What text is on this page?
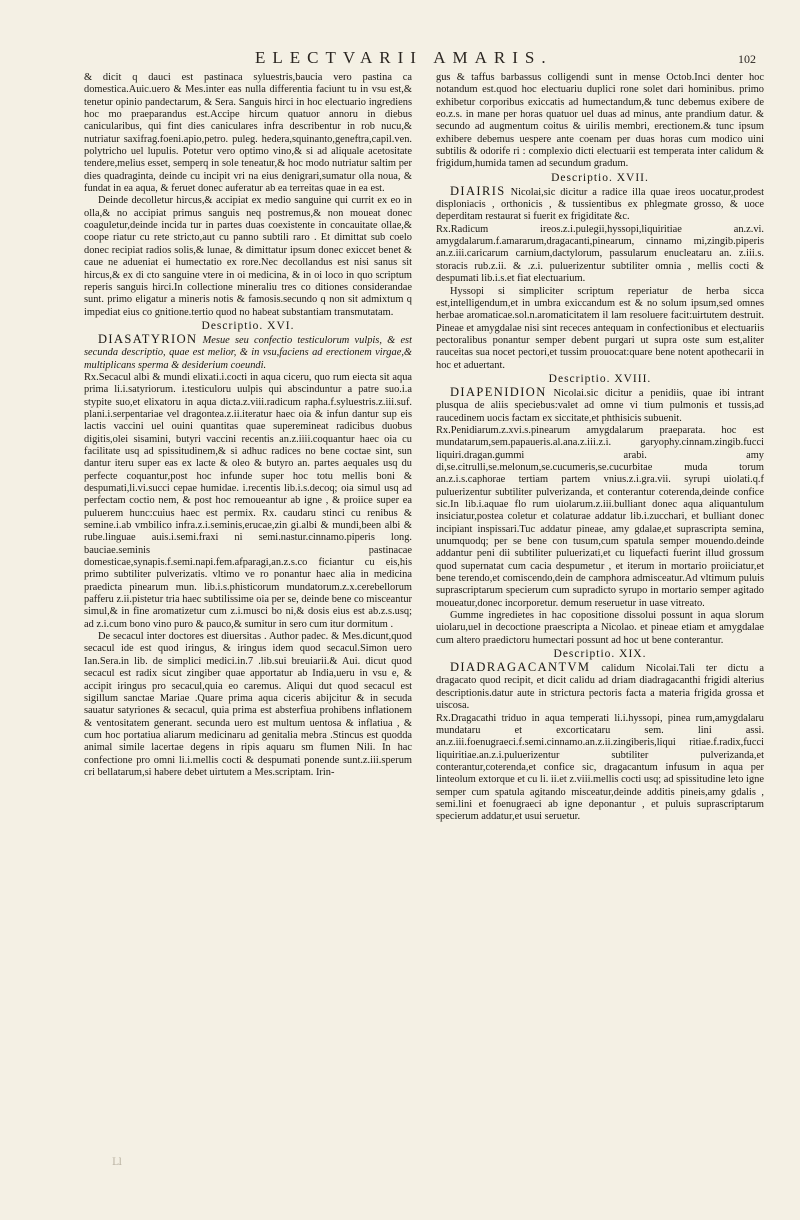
ELECTVARII AMARIS.	102

& dicit q dauci est pastinaca syluestris,baucia vero pastina ca domestica.Auic.uero & Mes.inter eas nulla differentia faciunt tu in vsu est,& tenetur opinio pandectarum, & Sera. Sanguis hirci in hoc electuario ingrediens hoc mo praeparandus est.Accipe hircum quatuor annoru in diebus canicularibus, qui fint dies caniculares infra describentur in rob nucu,& nutriatur saxifrag.foeni.apio,petro. puleg. hedera,squinanto,geneftra,capil.ven. polytricho uel lupulis. Potetur vero optimo vino,& si ad aliquale acetositate tendere,melius esset, semperq in sole teneatur,& hoc modo nutriatur saltim per dies quadraginta, deinde cu incipit vri na eius denigrari,sumatur olla noua, & fundat in ea aqua, & feruet donec auferatur ab ea terreitas quae in ea est.

Deinde decolletur hircus,& accipiat ex medio sanguine qui currit ex eo in olla,& no accipiat primus sanguis neq postremus,& non moueat donec coaguletur,deinde incida tur in partes duas coexistente in concauitate ollae,& coope riatur cu rete stricto,aut cu panno subtili raro . Et dimittat sub coelo donec recipiat radios solis,& lunae, & dimittatur ipsum donec exiccet benet & caue ne adueniat ei humectatio ex rore.Nec decollandus est nisi sanus sit hircus,& ex di cto sanguine vtere in oi medicina, & in oi loco in quo scriptum reperis sanguis hirci.In collectione mineraliu tres co ditiones considerandae sunt. primo eligatur a mineris notis & famosis.secundo q non sit admixtum q impediat eius co gnitione.tertio quod no habeat substantiam transmutatam.

Descriptio. XVI.

DIASATYRION Mesue seu confectio testiculorum vulpis, & est secunda descriptio, quae est melior, & in vsu,faciens ad erectionem virgae,& multiplicans sperma & desiderium coeundi.

Rx.Secacul albi & mundi elixati.i.cocti in aqua ciceru, quo rum eiecta sit aqua prima li.i.satyriorum. i.testiculoru uulpis qui abscinduntur a patre suo.i.a stypite suo,et elixatoru in aqua dicta.z.viii.radicum rapha.f.syluestris.z.iii.suf. plani.i.serpentariae vel dragontea.z.ii.iteratur haec oia & infun dantur sup eis lactis vaccini uel ouini quantitas quae superemineat radicibus duobus digitis,olei sisamini, butyri vaccini recentis an.z.iiii.coquantur haec oia cu facilitate usq ad spissitudinem,& si adhuc radices no bene coctae sint, sun dantur iteru super eas ex lacte & oleo & butyro an. partes aequales usq du perfecte coquantur,post hoc infunde super hoc totu mellis boni & despumati,li.vi.succi cepae humidae. i.recentis lib.i.s.decoq; oia simul usq ad perfectam coctio nem, & post hoc remoueantur ab igne , & proiice super ea puluerem hunc:cuius haec est permix. Rx. caudaru stinci cu renibus & semine.i.ab vmbilico infra.z.i.seminis,erucae,zin gi.albi & mundi,been albi & rube.linguae auis.i.semi.fraxi ni semi.nastur.cinnamo.piperis long. bauciae.seminis pastinacae domesticae,synapis.f.semi.napi.fem.afparagi,an.z.s.co ficiantur cu eis,his primo subtiliter pulverizatis. vltimo ve ro ponantur haec alia in medicina praedicta pinearum mun. lib.i.s.phisticorum mundatorum.z.x.cerebellorum pafferu z.ii.pistetur tria haec subtilissime oia per se, deinde bene co misceantur simul,& in fine aromatizetur cum z.i.musci bo ni,& dosis eius est ab.z.s.usq; ad z.i.cum bono vino puro & pauco,& sumitur in sero cum itur dormitum .

De secacul inter doctores est diuersitas . Author padec. & Mes.dicunt,quod secacul ide est quod iringus, & iringus idem quod secacul.Simon uero Ian.Sera.in lib. de simplici medici.in.7 .lib.sui breuiarii.& Aui. dicut quod secacul est radix sicut zingiber quae apportatur ab India,ueru in vsu e, & accipit iringus pro secacul,quia eo caremus. Aliqui dut quod secacul est sigillum sanctae Mariae .Quare prima aqua ciceris abijcitur & in secuda sauatur satyriones & secacul, quia prima est absterfiua prohibens inflationem & ventositatem generant. secunda uero est multum uentosa & inflatiua , & cum hoc portatiua aliarum medicinaru ad genitalia mebra .Stincus est quodda animal simile lacertae degens in ripis aquaru sm flumen Nili. In hac confectione pro omni li.i.mellis cocti & despumati ponende sunt.z.iii.sperum cri bellatarum,si habere debet uirtutem a Mes.scriptam. Irin-

gus & taffus barbassus colligendi sunt in mense Octob.Inci denter hoc notandum est.quod hoc electuariu duplici rone solet dari hominibus. primo exhibetur corporibus exiccatis ad humectandum,& tunc debemus exibere de eo.z.s. in mane per horas quatuor uel duas ad minus, ante prandium datur. & secundo ad augmentum coitus & uirilis membri, erectionem.& tunc ipsum exhibere debemus uespere ante coenam per duas horas cum modico uini subtilis & odorife ri : complexio dicti electuarii est temperata inter calidum & frigidum,humida tamen ad secundum gradum.

Descriptio. XVII.

DIAIRIS Nicolai,sic dicitur a radice illa quae ireos uocatur,prodest disploniacis , orthonicis , & tussientibus ex phlegmate grosso, & uoce deperditam restaurat si fuerit ex frigiditate &c.

Rx.Radicum ireos.z.i.pulegii,hyssopi,liquiritiae an.z.vi. amygdalarum.f.amararum,dragacanti,pinearum, cinnamo mi,zingib.piperis an.z.iii.caricarum carnium,dactylorum, passularum enucleataru an. z.iii.s. storacis rub.z.ii. & .z.i. puluerizentur subtiliter omnia , mellis cocti & despumati lib.i.s.et fiat electuarium.

Hyssopi si simpliciter scriptum reperiatur de herba sicca est,intelligendum,et in umbra exiccandum est & no solum ipsum,sed omnes herbae aromaticae.sol.n.aromaticitatem il lam resoluere facit:uirtutem destruit. Pineae et amygdalae nisi sint receces antequam in confectionibus et electuariis pectoralibus ponantur semper debent purgari ut supra oste sum est,aliter rauceitas sua nocet pectori,et tussim prouocat:quare bene notent apothecarii in hoc et aduertant.

Descriptio. XVIII.

DIAPENIDION Nicolai.sic dicitur a penidiis, quae ibi intrant plusqua de aliis speciebus:valet ad omne vi tium pulmonis et tussis,ad raucedinem uocis factam ex siccitate,et phthisicis subuenit.

Rx.Penidiarum.z.xvi.s.pinearum amygdalarum praeparata. hoc est mundatarum,sem.papaueris.al.ana.z.iii.z.i. garyophy.cinnam.zingib.fucci liquiri.dragan.gummi arabi. amy di,se.citrulli,se.melonum,se.cucumeris,se.cucurbitae muda torum an.z.i.s.caphorae tertiam partem vnius.z.i.gra.vii. syrupi uiolati.q.f puluerizentur subtiliter pulverizanda, et conterantur coterenda,deinde confice sic.In lib.i.aquae flo rum uiolarum.z.iii.bulliant donec aqua aliquantulum insiciatur,postea coletur et colaturae addatur lib.i.zucchari, et bulliant donec incipiant inspissari.Tuc addatur pineae, amy gdalae,et suprascripta semina, unumquodq; per se bene con tusum,cum spatula semper mouendo.deinde addantur peni dii subtiliter puluerizati,et cu liquefacti fuerint illud grossum quod supernatat cum cacia despumetur , et iterum in mortario proiiciatur,et bene terendo,et comiscendo,dein de camphora admisceatur.Ad vltimum puluis suprascriptarum specierum cum supradicto syrupo in mortario semper agitado moueatur,donec incorporetur. demum reseruetur in uase vitreato.

Gumme ingredietes in hac copositione dissolui possunt in aqua slorum uiolaru,uel in decoctione praescripta a Nicolao. et pineae etiam et amygdalae cum altero praedictoru humectari possunt ad hoc ut bene conterantur.

Descriptio. XIX.

DIADRAGACANTVM calidum Nicolai.Tali ter dictu a dragacato quod recipit, et dicit calidu ad driam diadragacanthi frigidi alterius descriptionis.datur aute in strictura pectoris facta a materia frigida grossa et uiscosa.

Rx.Dragacathi triduo in aqua temperati li.i.hyssopi, pinea rum,amygdalaru mundataru et excorticataru sem. lini assi. an.z.iii.foenugraeci.f.semi.cinnamo.an.z.ii.zingiberis,liqui ritiae.f.radix,fucci liquiritiae.an.z.i.puluerizentur subtiliter pulverizanda,et conterantur,coterenda,et confice sic, dragacantum infusum in aqua per linteolum extorque et cu li. ii.et z.viii.mellis cocti usq; ad spissitudine leto igne semper cum spatula agitando misceatur,deinde additis pineis,amy gdalis , semi.lini et foenugraeci ab igne deponantur , et puluis suprascriptarum specierum addatur,et usui seruetur.

Ll
